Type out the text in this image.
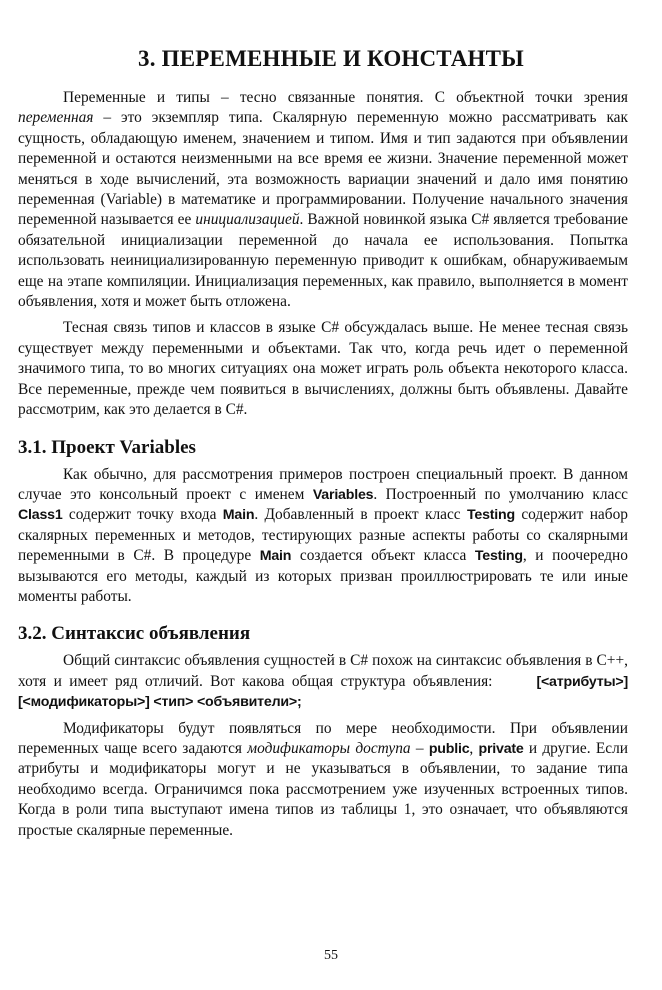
3. ПЕРЕМЕННЫЕ И КОНСТАНТЫ

Переменные и типы – тесно связанные понятия. С объектной точки зрения переменная – это экземпляр типа. Скалярную переменную можно рассматривать как сущность, обладающую именем, значением и типом. Имя и тип задаются при объявлении переменной и остаются неизменными на все время ее жизни. Значение переменной может меняться в ходе вычислений, эта возможность вариации значений и дало имя понятию переменная (Variable) в математике и программировании. Получение начального значения переменной называется ее инициализацией. Важной новинкой языка C# является требование обязательной инициализации переменной до начала ее использования. Попытка использовать неинициализированную переменную приводит к ошибкам, обнаруживаемым еще на этапе компиляции. Инициализация переменных, как правило, выполняется в момент объявления, хотя и может быть отложена.

Тесная связь типов и классов в языке C# обсуждалась выше. Не менее тесная связь существует между переменными и объектами. Так что, когда речь идет о переменной значимого типа, то во многих ситуациях она может играть роль объекта некоторого класса. Все переменные, прежде чем появиться в вычислениях, должны быть объявлены. Давайте рассмотрим, как это делается в C#.

3.1. Проект Variables

Как обычно, для рассмотрения примеров построен специальный проект. В данном случае это консольный проект с именем Variables. Построенный по умолчанию класс Class1 содержит точку входа Main. Добавленный в проект класс Testing содержит набор скалярных переменных и методов, тестирующих разные аспекты работы со скалярными переменными в C#. В процедуре Main создается объект класса Testing, и поочередно вызываются его методы, каждый из которых призван проиллюстрировать те или иные моменты работы.

3.2. Синтаксис объявления

Общий синтаксис объявления сущностей в C# похож на синтаксис объявления в C++, хотя и имеет ряд отличий. Вот какова общая структура объявления:	[<атрибуты>] [<модификаторы>] <тип> <объявители>;

Модификаторы будут появляться по мере необходимости. При объявлении переменных чаще всего задаются модификаторы доступа – public, private и другие. Если атрибуты и модификаторы могут и не указываться в объявлении, то задание типа необходимо всегда. Ограничимся пока рассмотрением уже изученных встроенных типов. Когда в роли типа выступают имена типов из таблицы 1, это означает, что объявляются простые скалярные переменные.

55
